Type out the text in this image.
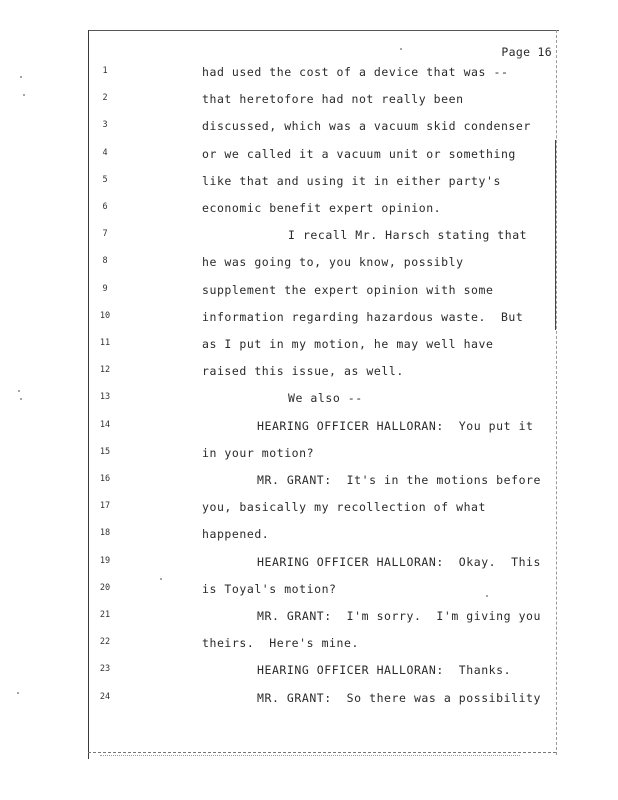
Page 16
1	had used the cost of a device that was --
2	that heretofore had not really been
3	discussed, which was a vacuum skid condenser
4	or we called it a vacuum unit or something
5	like that and using it in either party's
6	economic benefit expert opinion.
7	I recall Mr. Harsch stating that
8	he was going to, you know, possibly
9	supplement the expert opinion with some
10	information regarding hazardous waste.  But
11	as I put in my motion, he may well have
12	raised this issue, as well.
13	We also --
14	HEARING OFFICER HALLORAN:  You put it
15	in your motion?
16	MR. GRANT:  It's in the motions before
17	you, basically my recollection of what
18	happened.
19	HEARING OFFICER HALLORAN:  Okay.  This
20	is Toyal's motion?
21	MR. GRANT:  I'm sorry.  I'm giving you
22	theirs.  Here's mine.
23	HEARING OFFICER HALLORAN:  Thanks.
24	MR. GRANT:  So there was a possibility
